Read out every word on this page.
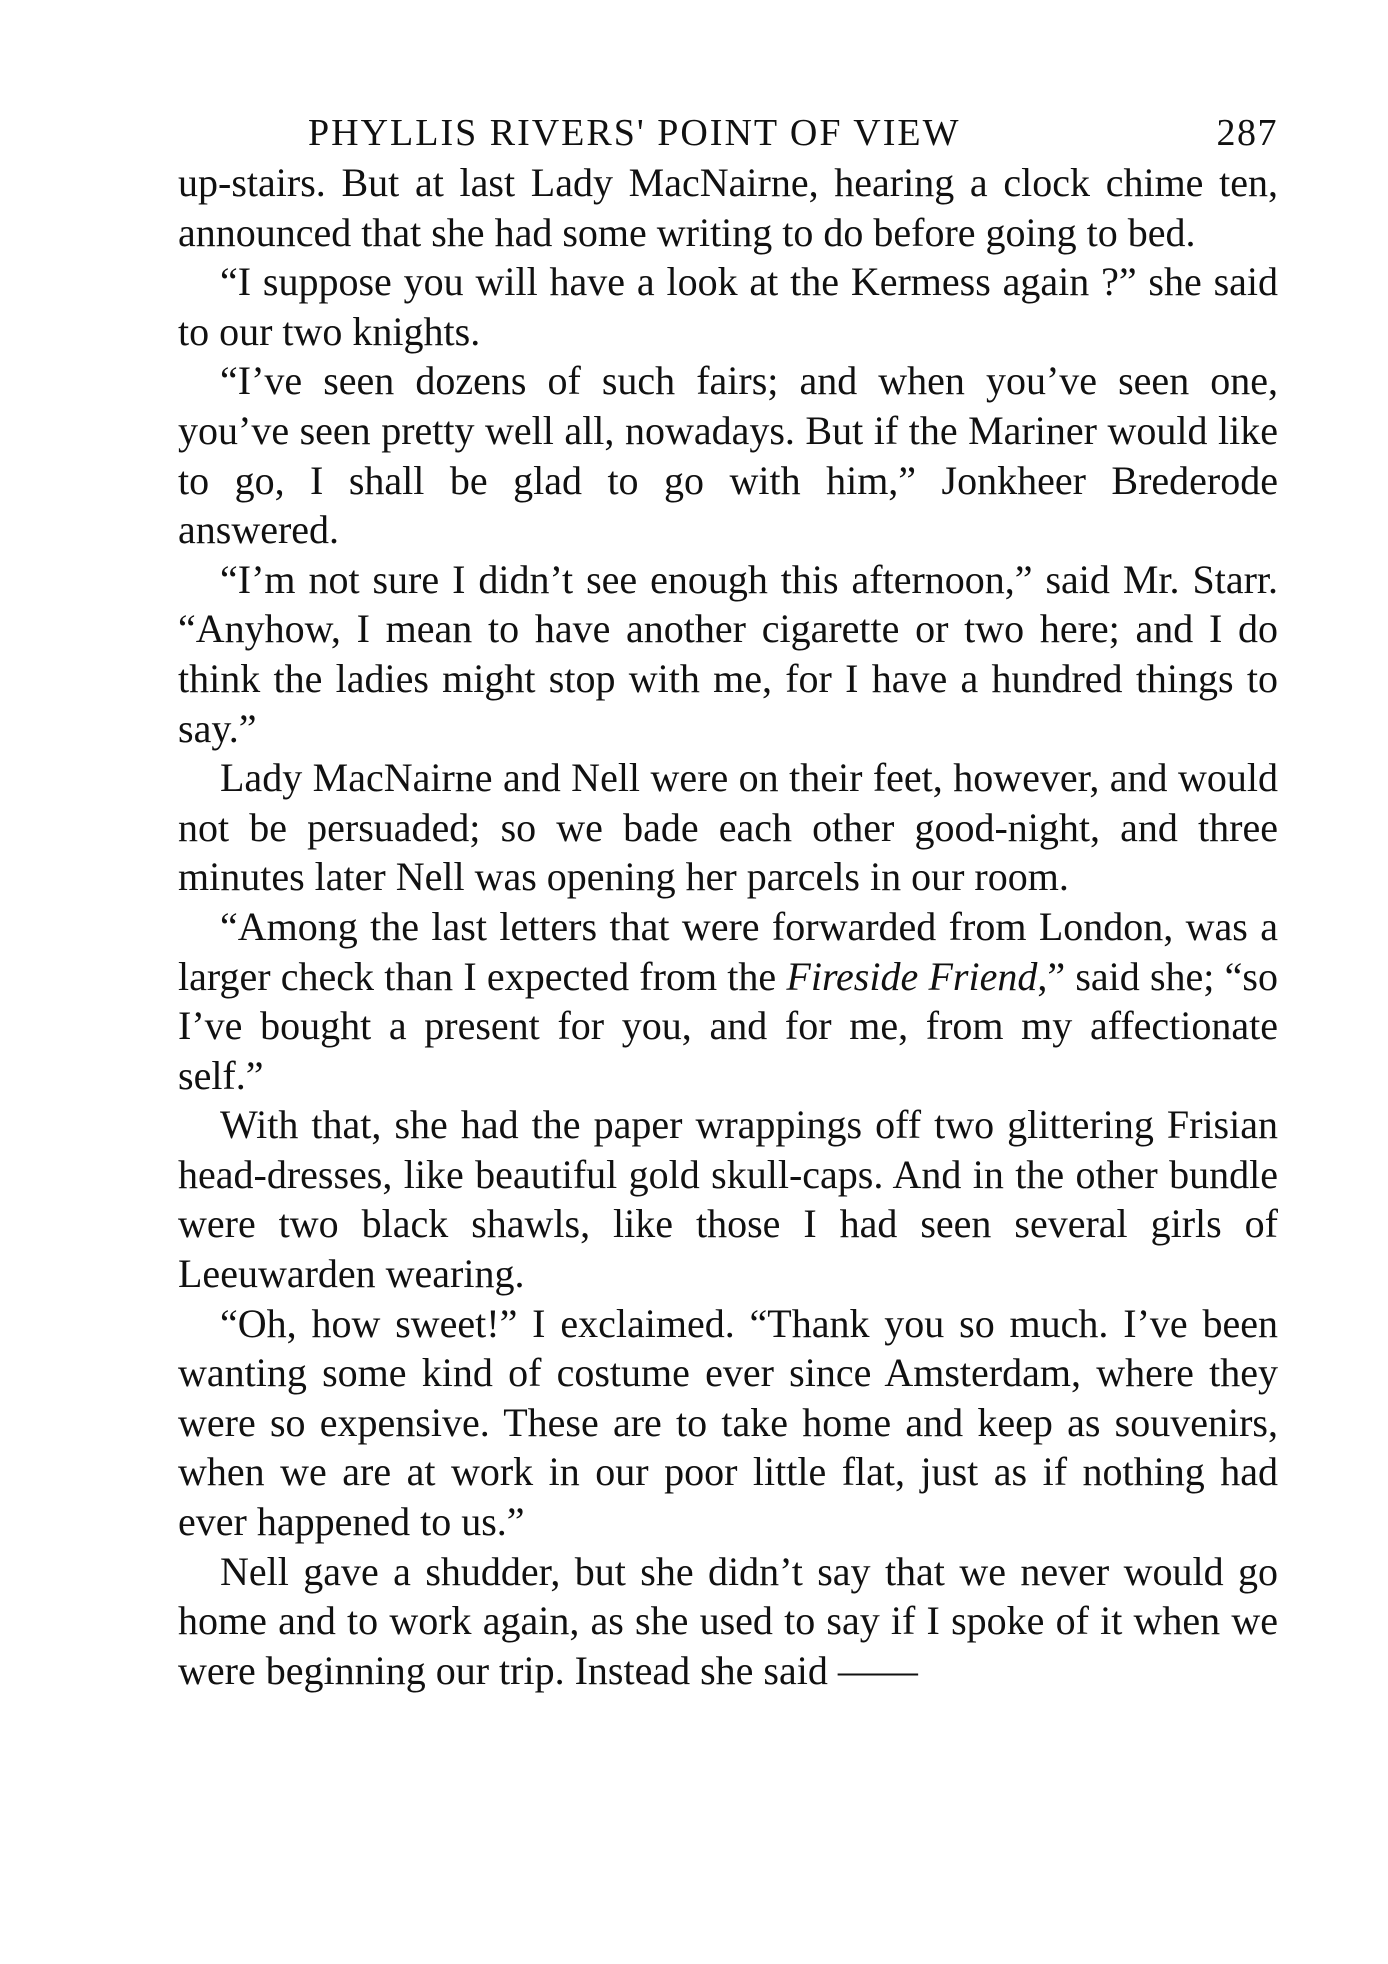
PHYLLIS RIVERS' POINT OF VIEW	287

up-stairs. But at last Lady MacNairne, hearing a clock chime ten, announced that she had some writing to do before going to bed.

“I suppose you will have a look at the Kermess again ?” she said to our two knights.

“I’ve seen dozens of such fairs; and when you’ve seen one, you’ve seen pretty well all, nowadays. But if the Mariner would like to go, I shall be glad to go with him,” Jonkheer Brederode answered.

“I’m not sure I didn’t see enough this afternoon,” said Mr. Starr. “Anyhow, I mean to have another cigarette or two here; and I do think the ladies might stop with me, for I have a hundred things to say.”

Lady MacNairne and Nell were on their feet, however, and would not be persuaded; so we bade each other good-night, and three minutes later Nell was opening her parcels in our room.

“Among the last letters that were forwarded from London, was a larger check than I expected from the Fireside Friend,” said she; “so I’ve bought a present for you, and for me, from my affectionate self.”

With that, she had the paper wrappings off two glittering Frisian head-dresses, like beautiful gold skull-caps. And in the other bundle were two black shawls, like those I had seen several girls of Leeuwarden wearing.

“Oh, how sweet!” I exclaimed. “Thank you so much. I’ve been wanting some kind of costume ever since Amsterdam, where they were so expensive. These are to take home and keep as souvenirs, when we are at work in our poor little flat, just as if nothing had ever happened to us.”

Nell gave a shudder, but she didn’t say that we never would go home and to work again, as she used to say if I spoke of it when we were beginning our trip. Instead she said ——
